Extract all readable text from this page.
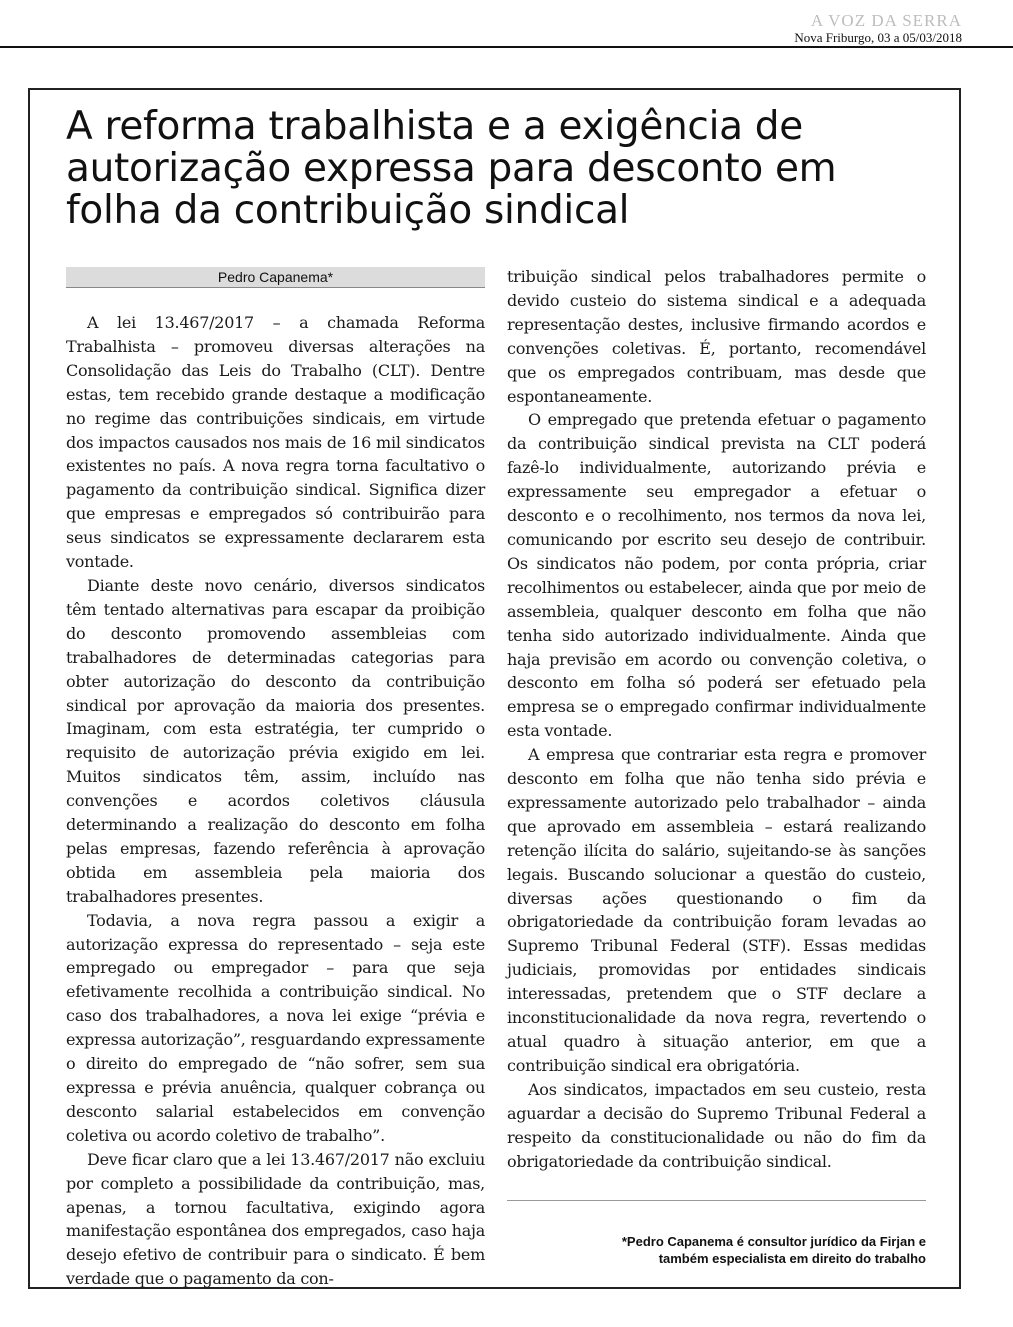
A VOZ DA SERRA
Nova Friburgo, 03 a 05/03/2018
A reforma trabalhista e a exigência de autorização expressa para desconto em folha da contribuição sindical
Pedro Capanema*

A lei 13.467/2017 – a chamada Reforma Trabalhista – promoveu diversas alterações na Consolidação das Leis do Trabalho (CLT). Dentre estas, tem recebido grande destaque a modificação no regime das contribuições sindicais, em virtude dos impactos causados nos mais de 16 mil sindicatos existentes no país. A nova regra torna facultativo o pagamento da contribuição sindical. Significa dizer que empresas e empregados só contribuirão para seus sindicatos se expressamente declararem esta vontade.

Diante deste novo cenário, diversos sindicatos têm tentado alternativas para escapar da proibição do desconto promovendo assembleias com trabalhadores de determinadas categorias para obter autorização do desconto da contribuição sindical por aprovação da maioria dos presentes. Imaginam, com esta estratégia, ter cumprido o requisito de autorização prévia exigido em lei. Muitos sindicatos têm, assim, incluído nas convenções e acordos coletivos cláusula determinando a realização do desconto em folha pelas empresas, fazendo referência à aprovação obtida em assembleia pela maioria dos trabalhadores presentes.

Todavia, a nova regra passou a exigir a autorização expressa do representado – seja este empregado ou empregador – para que seja efetivamente recolhida a contribuição sindical. No caso dos trabalhadores, a nova lei exige “prévia e expressa autorização”, resguardando expressamente o direito do empregado de “não sofrer, sem sua expressa e prévia anuência, qualquer cobrança ou desconto salarial estabelecidos em convenção coletiva ou acordo coletivo de trabalho”.

Deve ficar claro que a lei 13.467/2017 não excluiu por completo a possibilidade da contribuição, mas, apenas, a tornou facultativa, exigindo agora manifestação espontânea dos empregados, caso haja desejo efetivo de contribuir para o sindicato. É bem verdade que o pagamento da con-

tribuição sindical pelos trabalhadores permite o devido custeio do sistema sindical e a adequada representação destes, inclusive firmando acordos e convenções coletivas. É, portanto, recomendável que os empregados contribuam, mas desde que espontaneamente.

O empregado que pretenda efetuar o pagamento da contribuição sindical prevista na CLT poderá fazê-lo individualmente, autorizando prévia e expressamente seu empregador a efetuar o desconto e o recolhimento, nos termos da nova lei, comunicando por escrito seu desejo de contribuir. Os sindicatos não podem, por conta própria, criar recolhimentos ou estabelecer, ainda que por meio de assembleia, qualquer desconto em folha que não tenha sido autorizado individualmente. Ainda que haja previsão em acordo ou convenção coletiva, o desconto em folha só poderá ser efetuado pela empresa se o empregado confirmar individualmente esta vontade.

A empresa que contrariar esta regra e promover desconto em folha que não tenha sido prévia e expressamente autorizado pelo trabalhador – ainda que aprovado em assembleia – estará realizando retenção ilícita do salário, sujeitando-se às sanções legais. Buscando solucionar a questão do custeio, diversas ações questionando o fim da obrigatoriedade da contribuição foram levadas ao Supremo Tribunal Federal (STF). Essas medidas judiciais, promovidas por entidades sindicais interessadas, pretendem que o STF declare a inconstitucionalidade da nova regra, revertendo o atual quadro à situação anterior, em que a contribuição sindical era obrigatória.

Aos sindicatos, impactados em seu custeio, resta aguardar a decisão do Supremo Tribunal Federal a respeito da constitucionalidade ou não do fim da obrigatoriedade da contribuição sindical.

*Pedro Capanema é consultor jurídico da Firjan e
também especialista em direito do trabalho
